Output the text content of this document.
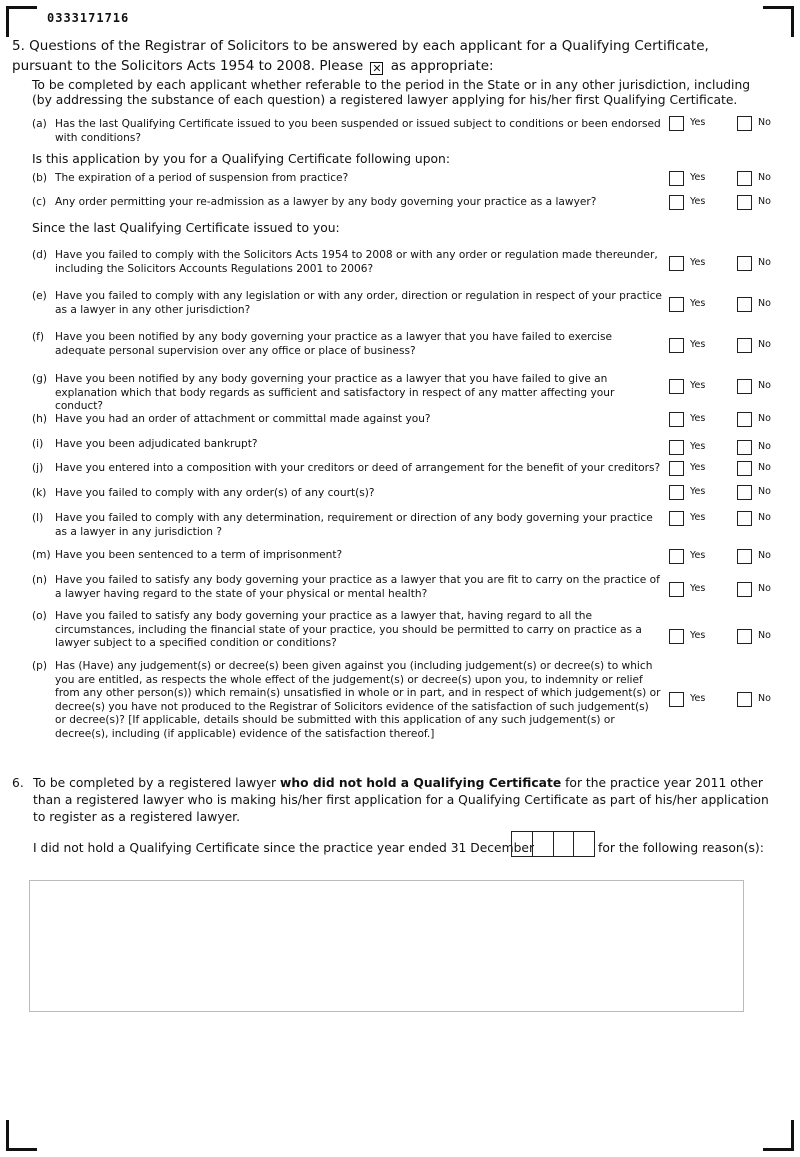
0333171716
5. Questions of the Registrar of Solicitors to be answered by each applicant for a Qualifying Certificate, pursuant to the Solicitors Acts 1954 to 2008. Please ✕ as appropriate:
To be completed by each applicant whether referable to the period in the State or in any other jurisdiction, including (by addressing the substance of each question) a registered lawyer applying for his/her first Qualifying Certificate.
Is this application by you for a Qualifying Certificate following upon:
Since the last Qualifying Certificate issued to you:
(a) Has the last Qualifying Certificate issued to you been suspended or issued subject to conditions or been endorsed with conditions?
Yes	No
(b) The expiration of a period of suspension from practice?	Yes	No
(c) Any order permitting your re-admission as a lawyer by any body governing your practice as a lawyer?	Yes	No
(d) Have you failed to comply with the Solicitors Acts 1954 to 2008 or with any order or regulation made thereunder, including the Solicitors Accounts Regulations 2001 to 2006?	Yes	No
(e) Have you failed to comply with any legislation or with any order, direction or regulation in respect of your practice as a lawyer in any other jurisdiction?	Yes	No
(f)	Have you been notified by any body governing your practice as a lawyer that you have failed to exercise adequate personal supervision over any office or place of business?	Yes	No
(g) Have you been notified by any body governing your practice as a lawyer that you have failed to give an explanation which that body regards as sufficient and satisfactory in respect of any matter affecting your conduct?
Yes	No
(h) Have you had an order of attachment or committal made against you?	Yes	No
(i)	Have you been adjudicated bankrupt?	Yes	No
(j)	Have you entered into a composition with your creditors or deed of arrangement for the benefit of your creditors?	Yes	No
(k) Have you failed to comply with any order(s) of any court(s)?	Yes	No
(l)	Have you failed to comply with any determination, requirement or direction of any body governing your practice as a lawyer in any jurisdiction ?
Yes	No
(m) Have you been sentenced to a term of imprisonment?	Yes	No
(n) Have you failed to satisfy any body governing your practice as a lawyer that you are fit to carry on the practice of a lawyer having regard to the state of your physical or mental health?	Yes	No
(o) Have you failed to satisfy any body governing your practice as a lawyer that, having regard to all the circumstances, including the financial state of your practice, you should be permitted to carry on practice as a lawyer subject to a specified condition or conditions?
Yes	No
(p) Has (Have) any judgement(s) or decree(s) been given against you (including judgement(s) or decree(s) to which you are entitled, as respects the whole effect of the judgement(s) or decree(s) upon you, to indemnity or relief from any other person(s)) which remain(s) unsatisfied in whole or in part, and in respect of which judgement(s) or decree(s) you have not produced to the Registrar of Solicitors evidence of the satisfaction of such judgement(s) or decree(s)? [If applicable, details should be submitted with this application of any such judgement(s) or decree(s), including (if applicable) evidence of the satisfaction thereof.]
Yes	No
6. To be completed by a registered lawyer who did not hold a Qualifying Certificate for the practice year 2011 other than a registered lawyer who is making his/her first application for a Qualifying Certificate as part of his/her application to register as a registered lawyer.
I did not hold a Qualifying Certificate since the practice year ended 31 December	for the following reason(s):
